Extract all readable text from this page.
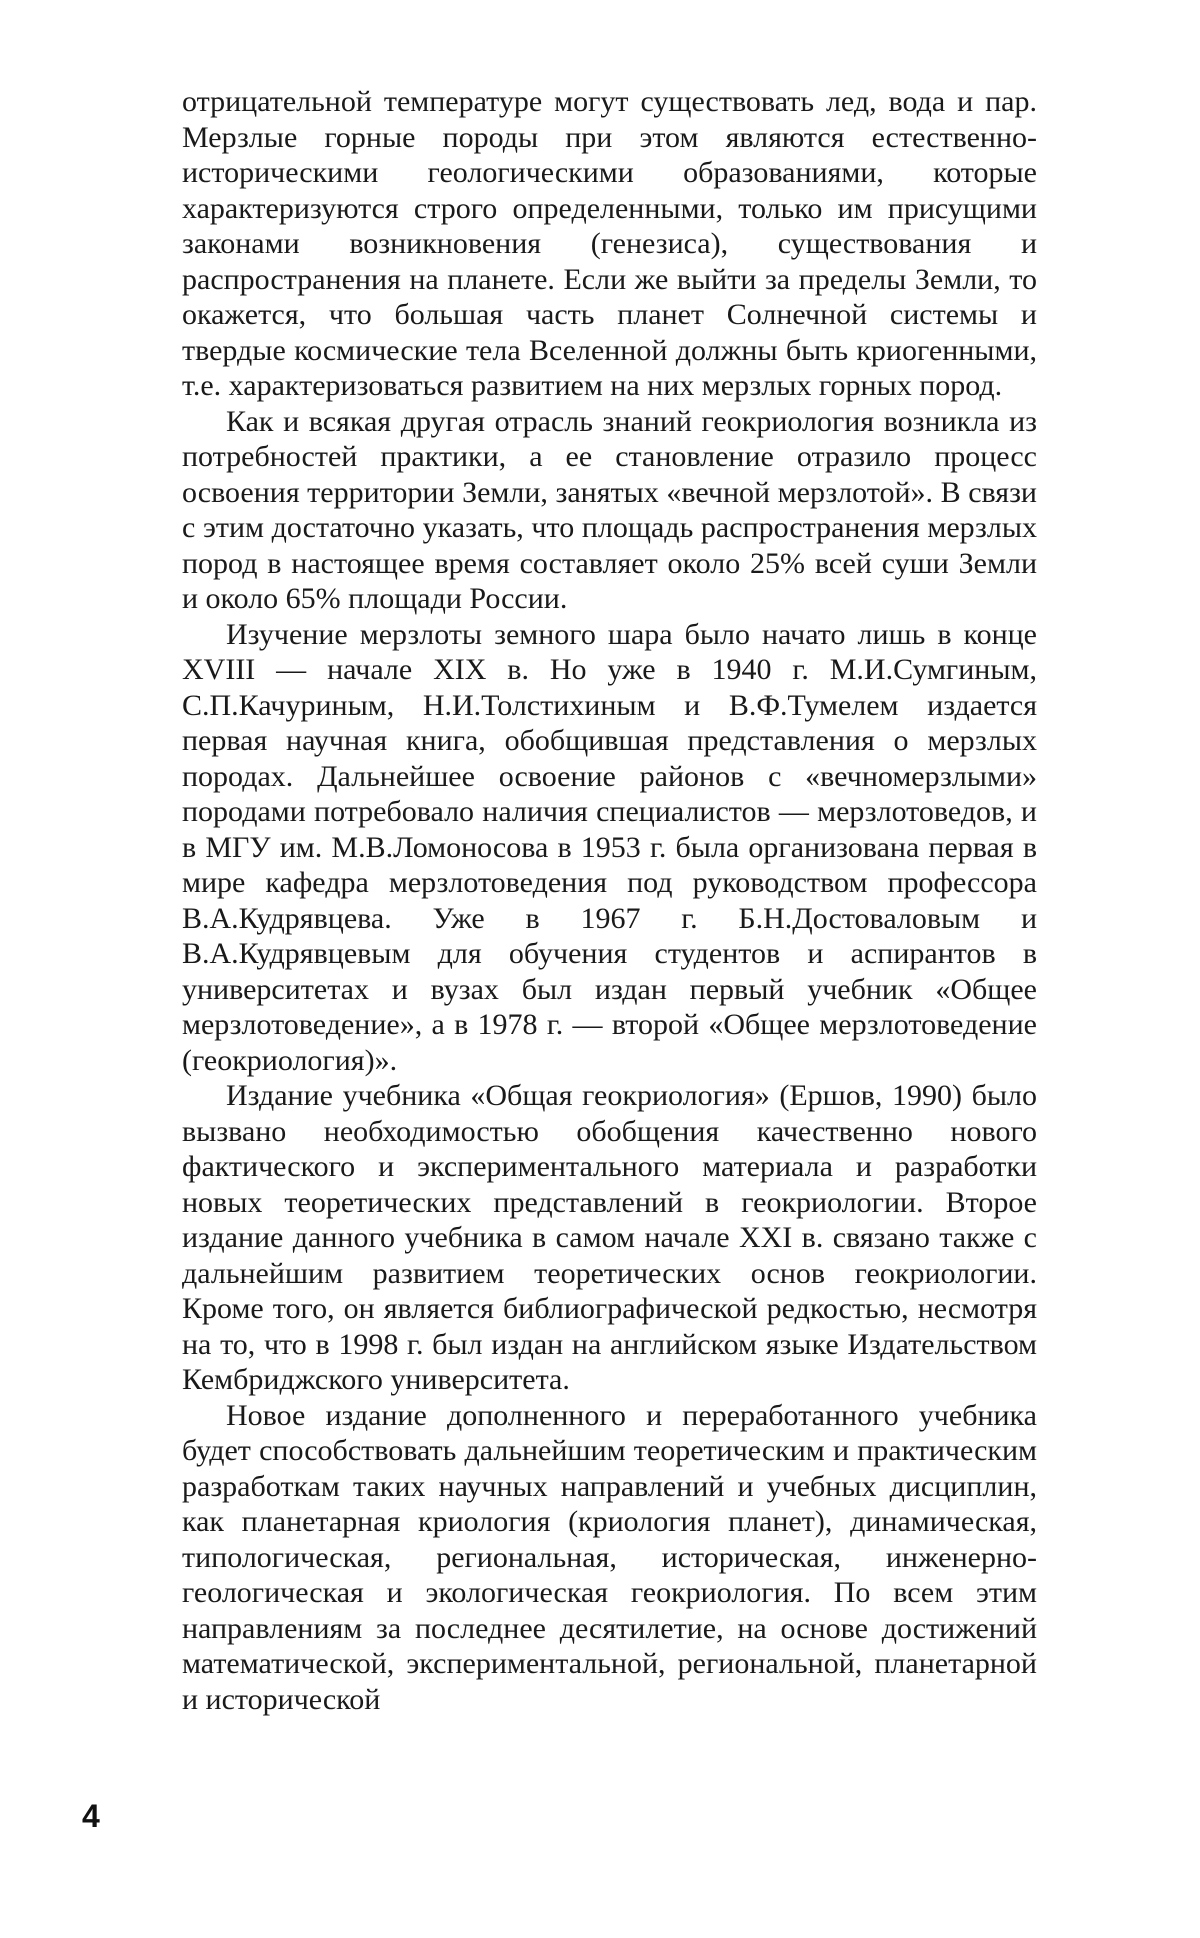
отрицательной температуре могут существовать лед, вода и пар. Мерзлые горные породы при этом являются естественно-историческими геологическими образованиями, которые характеризуются строго определенными, только им присущими законами возникновения (генезиса), существования и распространения на планете. Если же выйти за пределы Земли, то окажется, что большая часть планет Солнечной системы и твердые космические тела Вселенной должны быть криогенными, т.е. характеризоваться развитием на них мерзлых горных пород.

Как и всякая другая отрасль знаний геокриология возникла из потребностей практики, а ее становление отразило процесс освоения территории Земли, занятых «вечной мерзлотой». В связи с этим достаточно указать, что площадь распространения мерзлых пород в настоящее время составляет около 25% всей суши Земли и около 65% площади России.

Изучение мерзлоты земного шара было начато лишь в конце XVIII — начале XIX в. Но уже в 1940 г. М.И.Сумгиным, С.П.Качуриным, Н.И.Толстихиным и В.Ф.Тумелем издается первая научная книга, обобщившая представления о мерзлых породах. Дальнейшее освоение районов с «вечномерзлыми» породами потребовало наличия специалистов — мерзлотоведов, и в МГУ им. М.В.Ломоносова в 1953 г. была организована первая в мире кафедра мерзлотоведения под руководством профессора В.А.Кудрявцева. Уже в 1967 г. Б.Н.Достоваловым и В.А.Кудрявцевым для обучения студентов и аспирантов в университетах и вузах был издан первый учебник «Общее мерзлотоведение», а в 1978 г. — второй «Общее мерзлотоведение (геокриология)».

Издание учебника «Общая геокриология» (Ершов, 1990) было вызвано необходимостью обобщения качественно нового фактического и экспериментального материала и разработки новых теоретических представлений в геокриологии. Второе издание данного учебника в самом начале XXI в. связано также с дальнейшим развитием теоретических основ геокриологии. Кроме того, он является библиографической редкостью, несмотря на то, что в 1998 г. был издан на английском языке Издательством Кембриджского университета.

Новое издание дополненного и переработанного учебника будет способствовать дальнейшим теоретическим и практическим разработкам таких научных направлений и учебных дисциплин, как планетарная криология (криология планет), динамическая, типологическая, региональная, историческая, инженерно-геологическая и экологическая геокриология. По всем этим направлениям за последнее десятилетие, на основе достижений математической, экспериментальной, региональной, планетарной и исторической

4
